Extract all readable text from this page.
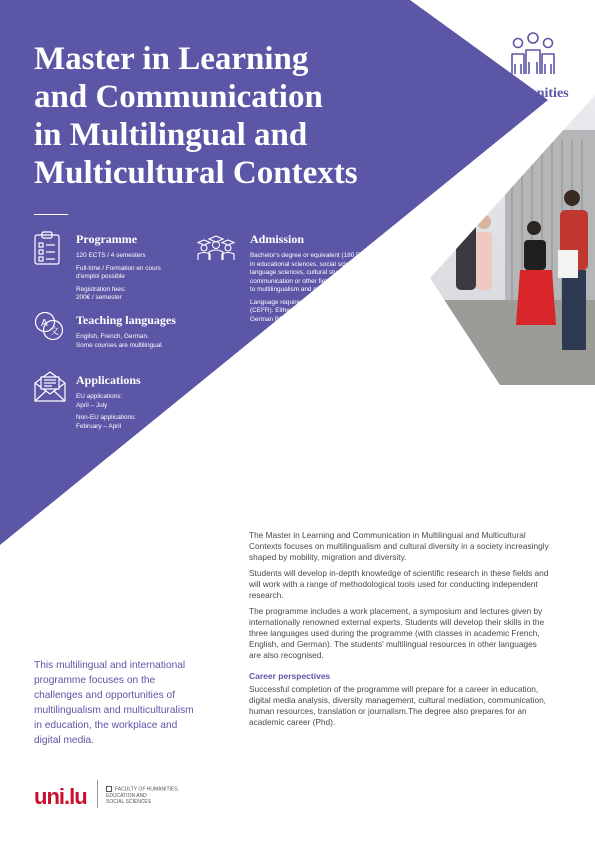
Master in Learning
and Communication
in Multilingual and
Multicultural Contexts
Humanities
Programme

120 ECTS / 4 semesters

Full-time / Formation en cours
d'emploi possible

Registration fees:
200€ / semester

A
文
Teaching languages

English, French, German.
Some courses are multilingual.

Applications

EU applications:
April – July

Non-EU applications:
February – April

Admission

Bachelor's degree or equivalent (180 ECTS)
in educational sciences, social sciences,
language sciences, cultural studies, media,
communication or other fields of study related
to multilingualism and multiculturalism.

Language requirements: English C1
(CEFR). Either French and/or
German B2 (CEFR).

The Master in Learning and Communication in Multilingual and Multicultural Contexts focuses on multilingualism and cultural diversity in a society increasingly shaped by mobility, migration and diversity.

Students will develop in-depth knowledge of scientific research in these fields and will work with a range of methodological tools used for conducting independent research.

The programme includes a work placement, a symposium and lectures given by internationally renowned external experts. Students will develop their skills in the three languages used during the programme (with classes in academic French, English, and German). The students' multilingual resources in other languages are also recognised.

Career perspectives

Successful completion of the programme will prepare for a career in education, digital media analysis, diversity management, cultural mediation, communication, human resources, translation or journalism.The degree also prepares for an academic career (Phd).

This multilingual and international programme focuses on the challenges and opportunities of multilingualism and multiculturalism in education, the workplace and digital media.

uni.lu	FACULTY OF HUMANITIES,
EDUCATION AND
SOCIAL SCIENCES
